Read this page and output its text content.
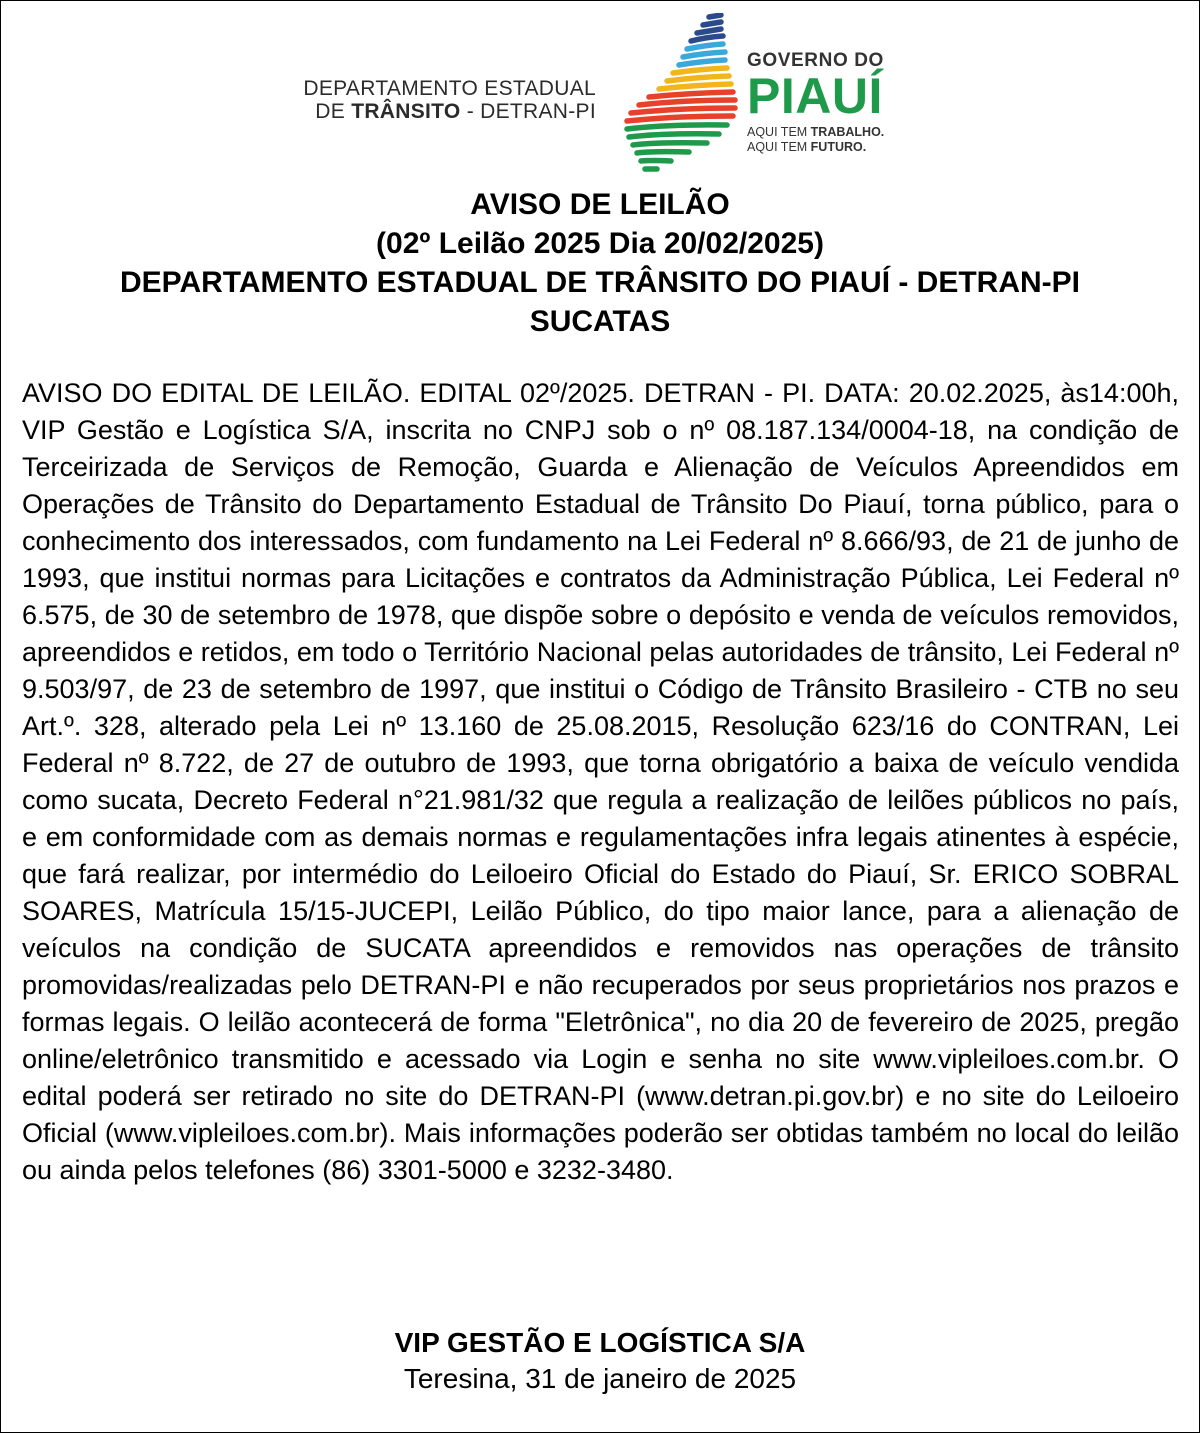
DEPARTAMENTO ESTADUAL
DE TRÂNSITO - DETRAN-PI
GOVERNO DO
PIAUÍ
AQUI TEM TRABALHO.
AQUI TEM FUTURO.
AVISO DE LEILÃO
(02º Leilão 2025 Dia 20/02/2025)
DEPARTAMENTO ESTADUAL DE TRÂNSITO DO PIAUÍ - DETRAN-PI
SUCATAS
AVISO DO EDITAL DE LEILÃO. EDITAL 02º/2025. DETRAN - PI. DATA: 20.02.2025, às14:00h, VIP Gestão e Logística S/A, inscrita no CNPJ sob o nº 08.187.134/0004-18, na condição de Terceirizada de Serviços de Remoção, Guarda e Alienação de Veículos Apreendidos em Operações de Trânsito do Departamento Estadual de Trânsito Do Piauí, torna público, para o conhecimento dos interessados, com fundamento na Lei Federal nº 8.666/93, de 21 de junho de 1993, que institui normas para Licitações e contratos da Administração Pública, Lei Federal nº 6.575, de 30 de setembro de 1978, que dispõe sobre o depósito e venda de veículos removidos, apreendidos e retidos, em todo o Território Nacional pelas autoridades de trânsito, Lei Federal nº 9.503/97, de 23 de setembro de 1997, que institui o Código de Trânsito Brasileiro - CTB no seu Art.º. 328, alterado pela Lei nº 13.160 de 25.08.2015, Resolução 623/16 do CONTRAN, Lei Federal nº 8.722, de 27 de outubro de 1993, que torna obrigatório a baixa de veículo vendida como sucata, Decreto Federal n°21.981/32 que regula a realização de leilões públicos no país, e em conformidade com as demais normas e regulamentações infra legais atinentes à espécie, que fará realizar, por intermédio do Leiloeiro Oficial do Estado do Piauí, Sr. ERICO SOBRAL SOARES, Matrícula 15/15-JUCEPI, Leilão Público, do tipo maior lance, para a alienação de veículos na condição de SUCATA apreendidos e removidos nas operações de trânsito promovidas/realizadas pelo DETRAN-PI e não recuperados por seus proprietários nos prazos e formas legais. O leilão acontecerá de forma "Eletrônica", no dia 20 de fevereiro de 2025, pregão online/eletrônico transmitido e acessado via Login e senha no site www.vipleiloes.com.br. O edital poderá ser retirado no site do DETRAN-PI (www.detran.pi.gov.br) e no site do Leiloeiro Oficial (www.vipleiloes.com.br). Mais informações poderão ser obtidas também no local do leilão ou ainda pelos telefones (86) 3301-5000 e 3232-3480.
VIP GESTÃO E LOGÍSTICA S/A
Teresina, 31 de janeiro de 2025
